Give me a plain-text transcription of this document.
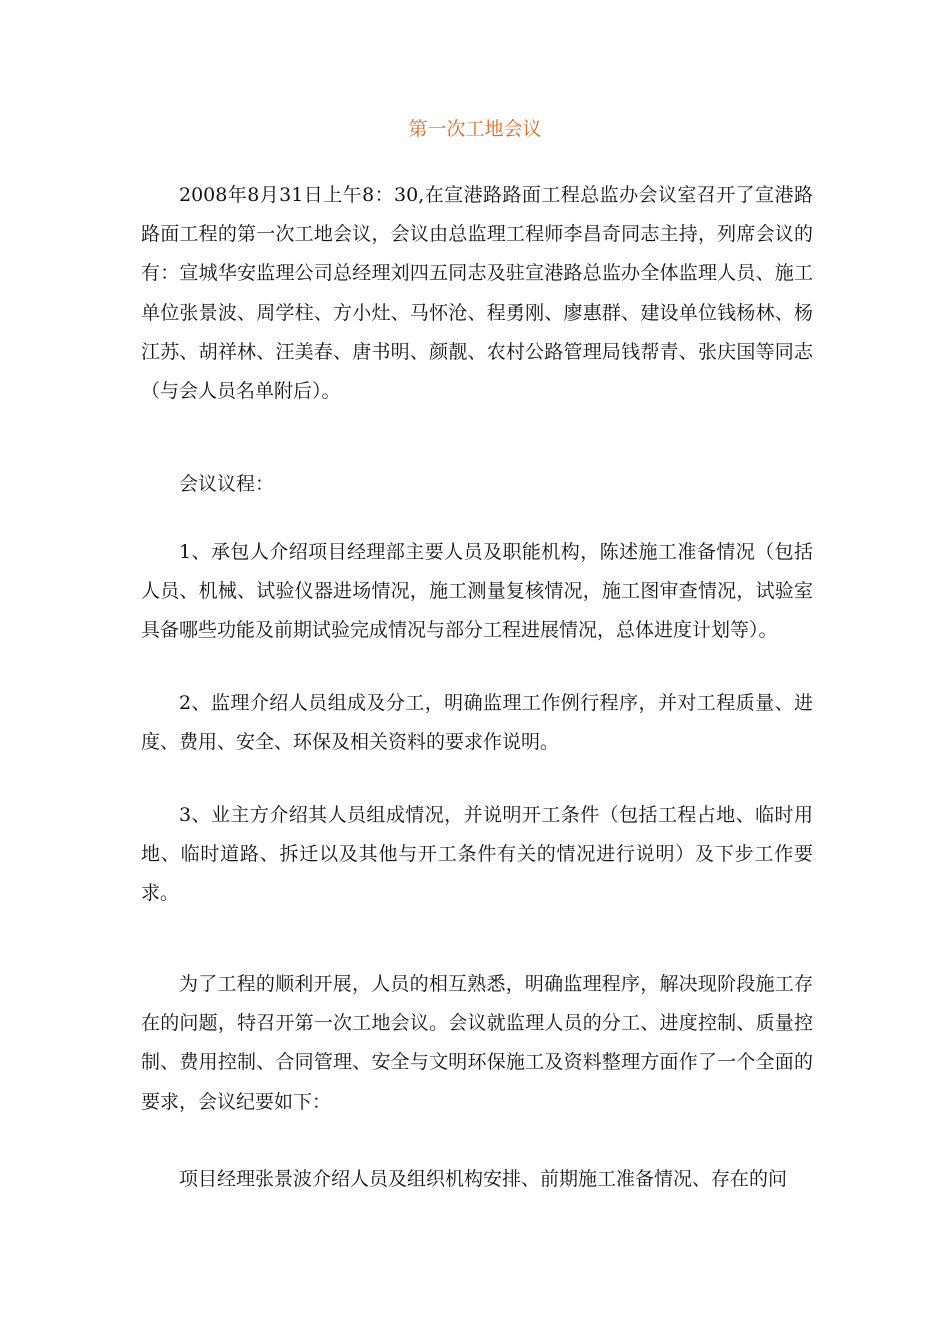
第一次工地会议

2008年8月31日上午8：30,在宣港路路面工程总监办会议室召开了宣港路路面工程的第一次工地会议，会议由总监理工程师李昌奇同志主持，列席会议的有：宣城华安监理公司总经理刘四五同志及驻宣港路总监办全体监理人员、施工单位张景波、周学柱、方小灶、马怀沧、程勇刚、廖惠群、建设单位钱杨林、杨江苏、胡祥林、汪美春、唐书明、颜靓、农村公路管理局钱帮青、张庆国等同志（与会人员名单附后）。

会议议程：

1、承包人介绍项目经理部主要人员及职能机构，陈述施工准备情况（包括人员、机械、试验仪器进场情况，施工测量复核情况，施工图审查情况，试验室具备哪些功能及前期试验完成情况与部分工程进展情况，总体进度计划等）。

2、监理介绍人员组成及分工，明确监理工作例行程序，并对工程质量、进度、费用、安全、环保及相关资料的要求作说明。

3、业主方介绍其人员组成情况，并说明开工条件（包括工程占地、临时用地、临时道路、拆迁以及其他与开工条件有关的情况进行说明）及下步工作要求。

为了工程的顺利开展，人员的相互熟悉，明确监理程序，解决现阶段施工存在的问题，特召开第一次工地会议。会议就监理人员的分工、进度控制、质量控制、费用控制、合同管理、安全与文明环保施工及资料整理方面作了一个全面的要求，会议纪要如下：

项目经理张景波介绍人员及组织机构安排、前期施工准备情况、存在的问
